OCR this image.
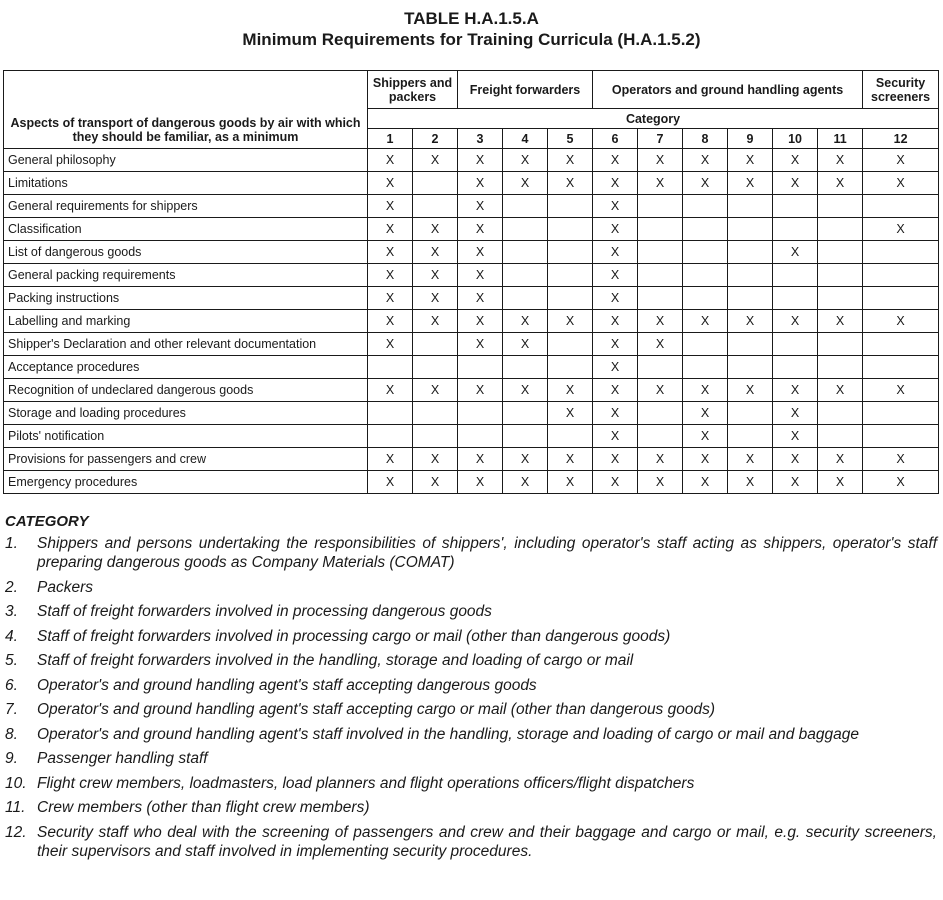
TABLE H.A.1.5.A
Minimum Requirements for Training Curricula (H.A.1.5.2)
Aspects of transport of dangerous goods by air with which they should be familiar, as a minimum	Shippers and packers		Freight forwarders			Operators and ground handling agents						Security screeners
	Category											
	1	2	3	4	5	6	7	8	9	10	11	12
General philosophy	X	X	X	X	X	X	X	X	X	X	X	X
Limitations	X		X	X	X	X	X	X	X	X	X	X
General requirements for shippers	X		X			X						
Classification	X	X	X			X						X
List of dangerous goods	X	X	X			X				X		
General packing requirements	X	X	X			X						
Packing instructions	X	X	X			X						
Labelling and marking	X	X	X	X	X	X	X	X	X	X	X	X
Shipper's Declaration and other relevant documentation	X		X	X		X	X					
Acceptance procedures						X						
Recognition of undeclared dangerous goods	X	X	X	X	X	X	X	X	X	X	X	X
Storage and loading procedures					X	X		X		X		
Pilots' notification						X		X		X		
Provisions for passengers and crew	X	X	X	X	X	X	X	X	X	X	X	X
Emergency procedures	X	X	X	X	X	X	X	X	X	X	X	X
CATEGORY
1.	Shippers and persons undertaking the responsibilities of shippers', including operator's staff acting as shippers, operator's staff preparing dangerous goods as Company Materials (COMAT)
2.	Packers
3.	Staff of freight forwarders involved in processing dangerous goods
4.	Staff of freight forwarders involved in processing cargo or mail (other than dangerous goods)
5.	Staff of freight forwarders involved in the handling, storage and loading of cargo or mail
6.	Operator's and ground handling agent's staff accepting dangerous goods
7.	Operator's and ground handling agent's staff accepting cargo or mail (other than dangerous goods)
8.	Operator's and ground handling agent's staff involved in the handling, storage and loading of cargo or mail and baggage
9.	Passenger handling staff
10. Flight crew members, loadmasters, load planners and flight operations officers/flight dispatchers
11. Crew members (other than flight crew members)
12. Security staff who deal with the screening of passengers and crew and their baggage and cargo or mail, e.g. security screeners, their supervisors and staff involved in implementing security procedures.
